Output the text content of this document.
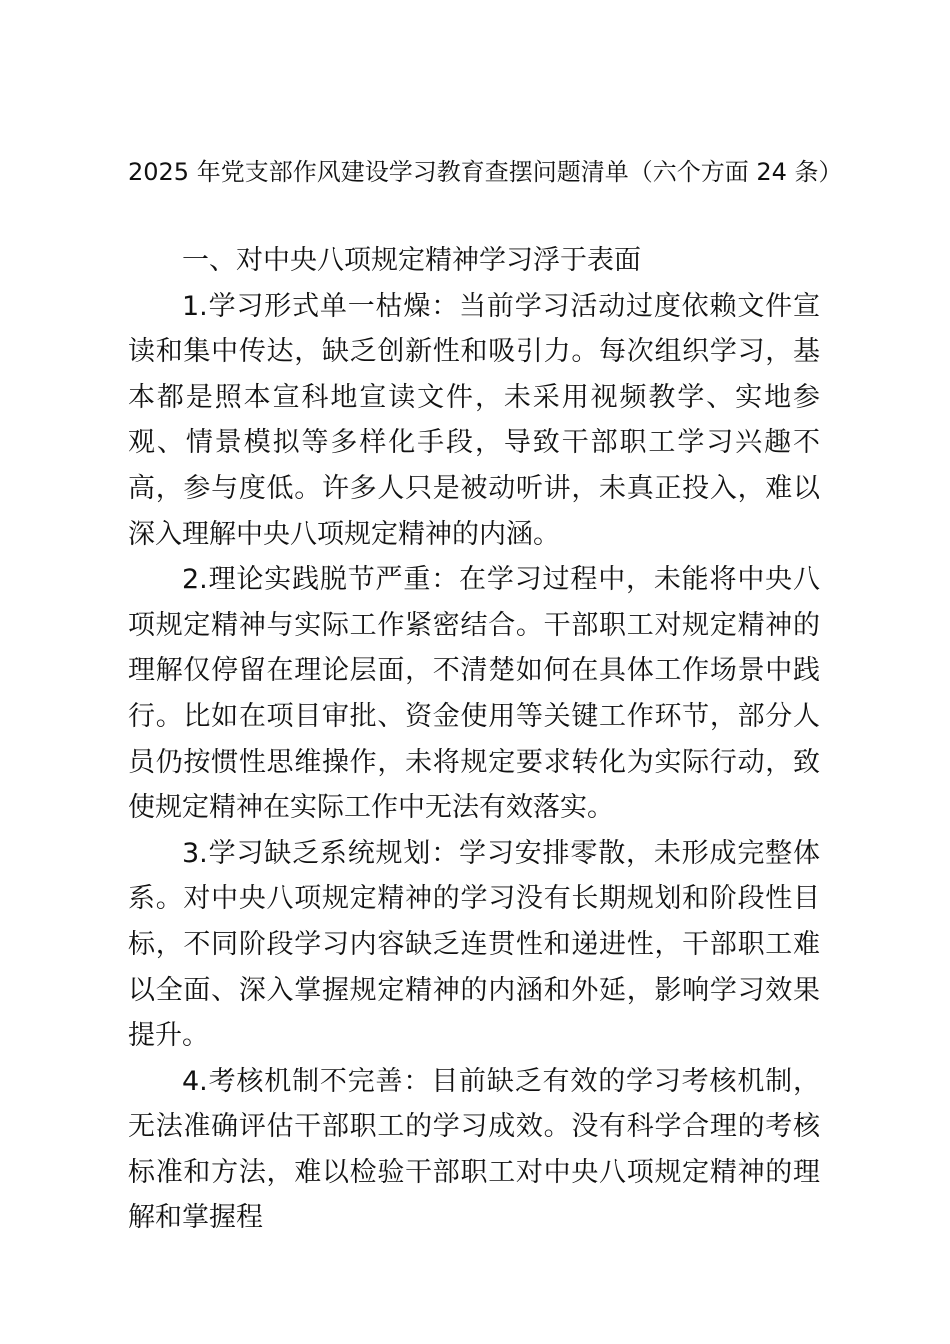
2025 年党支部作风建设学习教育查摆问题清单（六个方面 24 条）

一、对中央八项规定精神学习浮于表面

1.学习形式单一枯燥：当前学习活动过度依赖文件宣读和集中传达，缺乏创新性和吸引力。每次组织学习，基本都是照本宣科地宣读文件，未采用视频教学、实地参观、情景模拟等多样化手段，导致干部职工学习兴趣不高，参与度低。许多人只是被动听讲，未真正投入，难以深入理解中央八项规定精神的内涵。

2.理论实践脱节严重：在学习过程中，未能将中央八项规定精神与实际工作紧密结合。干部职工对规定精神的理解仅停留在理论层面，不清楚如何在具体工作场景中践行。比如在项目审批、资金使用等关键工作环节，部分人员仍按惯性思维操作，未将规定要求转化为实际行动，致使规定精神在实际工作中无法有效落实。

3.学习缺乏系统规划：学习安排零散，未形成完整体系。对中央八项规定精神的学习没有长期规划和阶段性目标，不同阶段学习内容缺乏连贯性和递进性，干部职工难以全面、深入掌握规定精神的内涵和外延，影响学习效果提升。

4.考核机制不完善：目前缺乏有效的学习考核机制，无法准确评估干部职工的学习成效。没有科学合理的考核标准和方法，难以检验干部职工对中央八项规定精神的理解和掌握程
